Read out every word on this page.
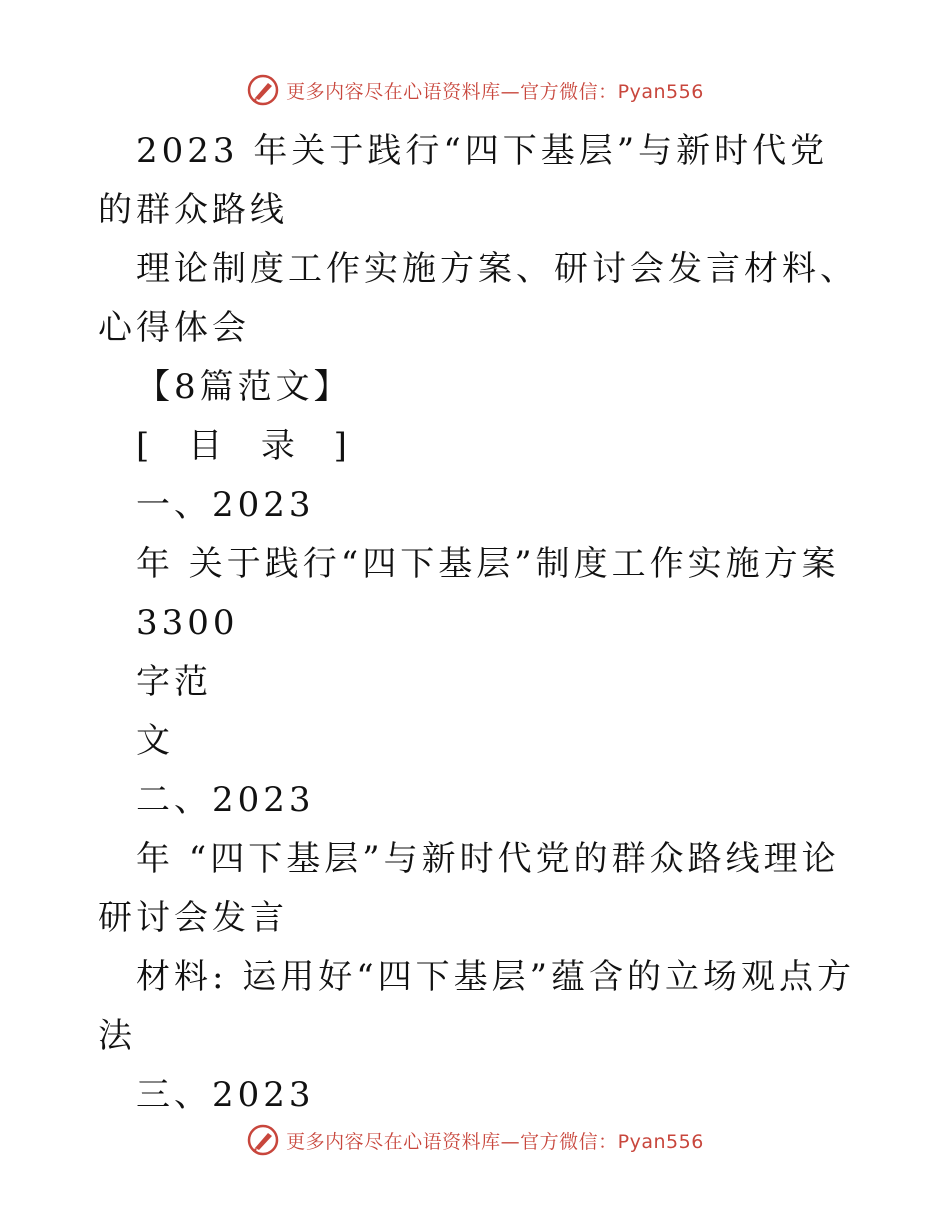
更多内容尽在心语资料库—官方微信：Pyan556

2023 年关于践行“四下基层”与新时代党的群众路线

理论制度工作实施方案、研讨会发言材料、心得体会

【8篇范文】

[ 目 录 ]

一、2023

年 关于践行“四下基层”制度工作实施方案

3300

字范

文

二、2023

年 “四下基层”与新时代党的群众路线理论研讨会发言

材料: 运用好“四下基层”蕴含的立场观点方法

三、2023

更多内容尽在心语资料库—官方微信：Pyan556
